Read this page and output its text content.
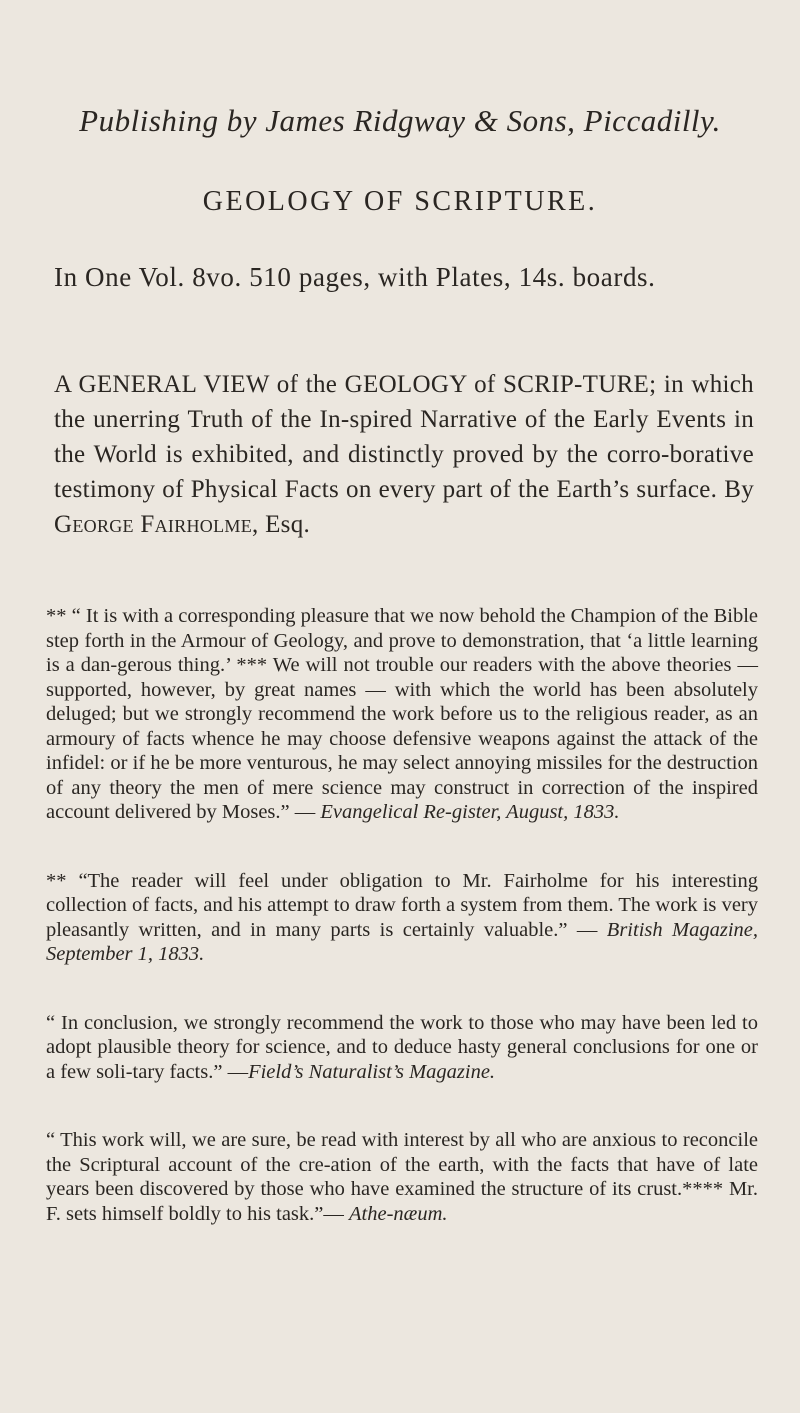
Publishing by James Ridgway & Sons, Piccadilly.
GEOLOGY OF SCRIPTURE.
In One Vol. 8vo. 510 pages, with Plates, 14s. boards.
A GENERAL VIEW of the GEOLOGY of SCRIP-TURE; in which the unerring Truth of the In-spired Narrative of the Early Events in the World is exhibited, and distinctly proved by the corro-borative testimony of Physical Facts on every part of the Earth’s surface. By George Fairholme, Esq.

** “ It is with a corresponding pleasure that we now behold the Champion of the Bible step forth in the Armour of Geology, and prove to demonstration, that ‘a little learning is a dan-gerous thing.’ *** We will not trouble our readers with the above theories — supported, however, by great names — with which the world has been absolutely deluged; but we strongly recommend the work before us to the religious reader, as an armoury of facts whence he may choose defensive weapons against the attack of the infidel: or if he be more venturous, he may select annoying missiles for the destruction of any theory the men of mere science may construct in correction of the inspired account delivered by Moses.” — Evangelical Re-gister, August, 1833.

** “The reader will feel under obligation to Mr. Fairholme for his interesting collection of facts, and his attempt to draw forth a system from them. The work is very pleasantly written, and in many parts is certainly valuable.” — British Magazine, September 1, 1833.

“ In conclusion, we strongly recommend the work to those who may have been led to adopt plausible theory for science, and to deduce hasty general conclusions for one or a few soli-tary facts.” —Field’s Naturalist’s Magazine.

“ This work will, we are sure, be read with interest by all who are anxious to reconcile the Scriptural account of the cre-ation of the earth, with the facts that have of late years been discovered by those who have examined the structure of its crust.**** Mr. F. sets himself boldly to his task.”— Athe-næum.
